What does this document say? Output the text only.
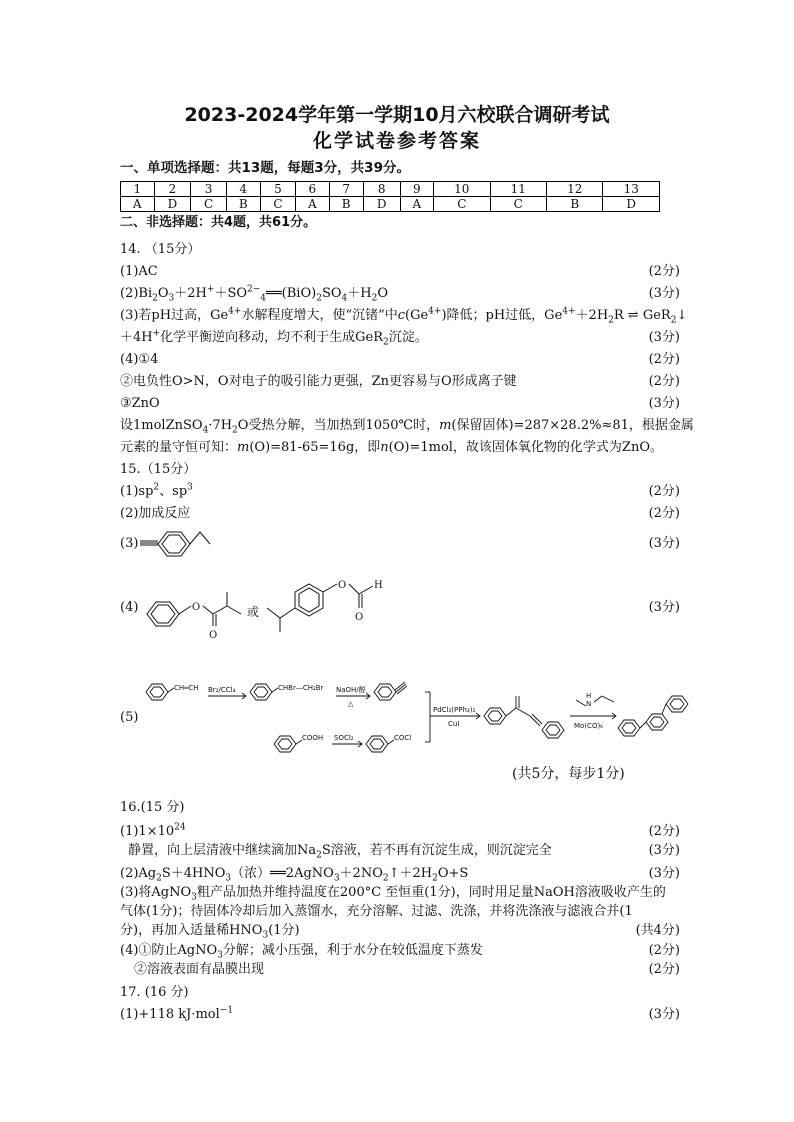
2023-2024学年第一学期10月六校联合调研考试
化学试卷参考答案
一、单项选择题：共13题，每题3分，共39分。
1	2	3	4	5	6	7	8	9	10	11	12	13
A	D	C	B	C	A	B	D	A	C	C	B	D
二、非选择题：共4题，共61分。
14. （15分）
(1)AC	(2分)
$(2)Bi_2O_3+2H^++SO^{2-}_4══(BiO)_2SO_4+H_2O$	(3分)
(3)若pH过高，$Ge^{4+}$水解程度增大，使“沉锗”中$c(Ge^{4+})$降低；pH过低，$Ge^{4+}+2H_2R$ ⇌ GeR$_2$↓
＋4H+化学平衡逆向移动，均不利于生成GeR$_2$沉淀。	(3分)
(4)①4	(2分)
②电负性O>N，O对电子的吸引能力更强，Zn更容易与O形成离子键	(2分)
③ZnO	(3分)
设$1molZnSO_4\cdot 7H_2O$受热分解，当加热到1050℃时，m(保留固体)=287×28.2%≈81，根据金属
元素的量守恒可知：m(O)=81-65=16g，即n(O)=1mol，故该固体氧化物的化学式为ZnO。
15.（15分）
$(1)sp^2$、$sp^3$	(2分)
(2)加成反应	(2分)
(3)	(3分)
(4)	(3分)
O
O
O
O
H
或
(5)
CH═CH Br₂/CCl₄	CHBr—CH₂Br NaOH/醇
△
COOH SOCl₂	COCl
PdCl₂(PPh₃)₂
CuI
N
H
Mo(CO)₆
(共5分，每步1分)
16.(15 分)
$(1)1\times 10^{24}$	(2分)
静置，向上层清液中继续滴加$Na_2S$溶液，若不再有沉淀生成，则沉淀完全	(3分)
$(2)Ag_2S+4HNO_3$（浓）$══2AgNO_3+2NO_2↑+2H_2O+S$	(3分)
(3)将AgNO$_3$粗产品加热并维持温度在200°C 至恒重(1分)，同时用足量NaOH溶液吸收产生的
气体(1分)；待固体冷却后加入蒸馏水，充分溶解、过滤、洗涤，并将洗涤液与滤液合并(1
分)，再加入适量稀$HNO_3(1$分)	(共4分)
(4)①防止AgNO$_3$分解；减小压强，利于水分在较低温度下蒸发	(2分)
②溶液表面有晶膜出现	(2分)
17. (16 分)
(1)+118 kJ·mol$^{-1}$	(3分)
